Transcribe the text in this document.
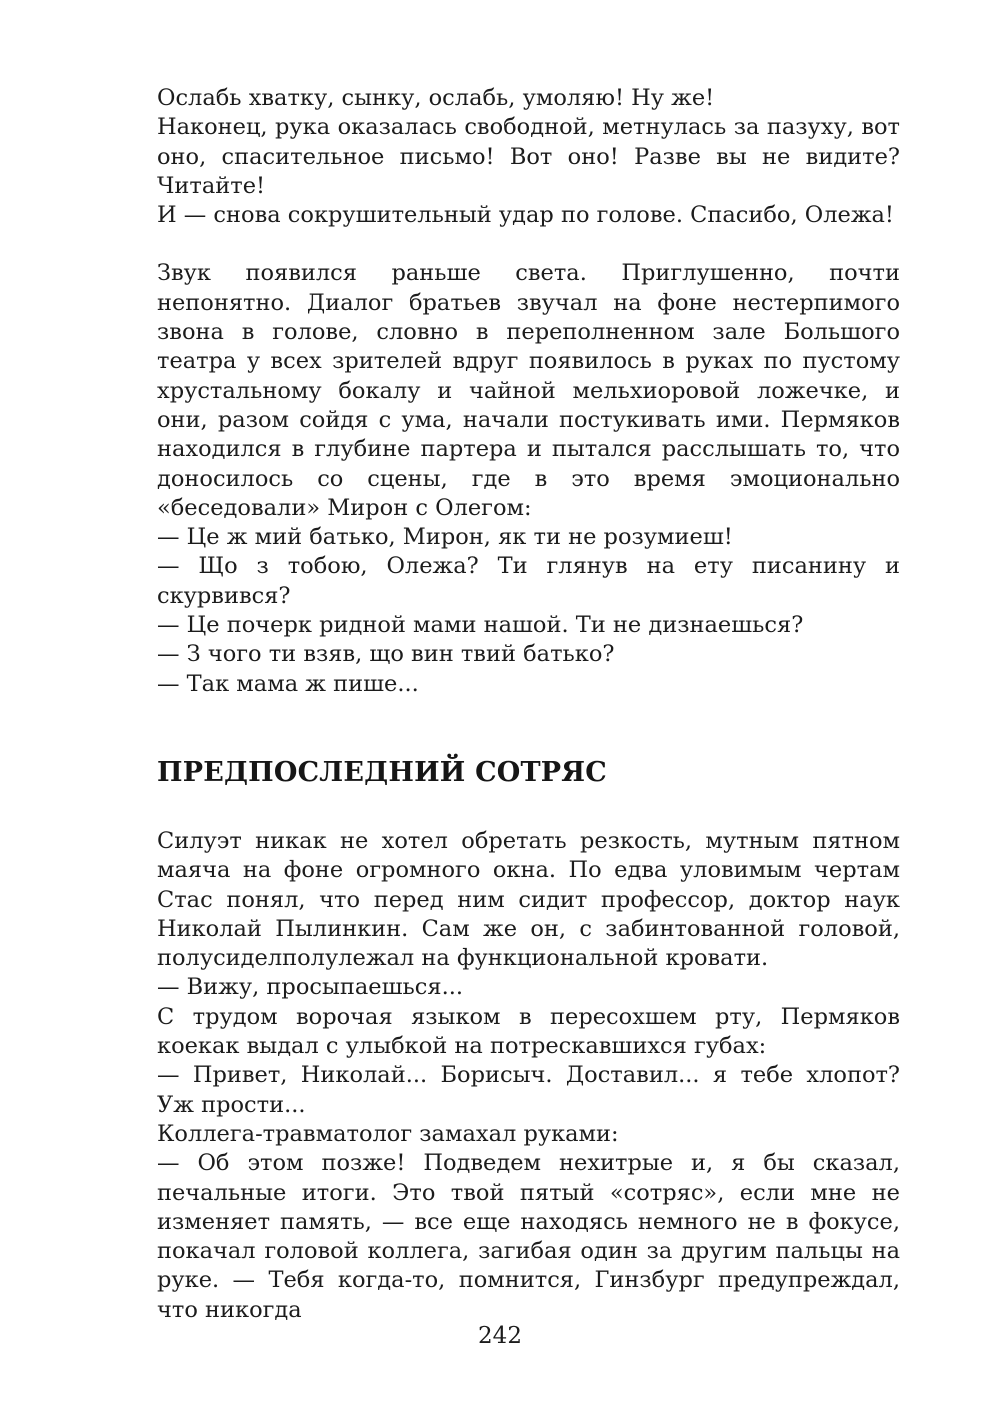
Ослабь хватку, сынку, ослабь, умоляю! Ну же!

Наконец, рука оказалась свободной, метнулась за пазуху, вот оно, спасительное письмо! Вот оно! Разве вы не видите? Читайте!

И — снова сокрушительный удар по голове. Спасибо, Олежа!

Звук появился раньше света. Приглушенно, почти непонятно. Диалог братьев звучал на фоне нестерпимого звона в голове, словно в переполненном зале Большого театра у всех зрителей вдруг появилось в руках по пустому хрустальному бокалу и чайной мельхиоровой ложечке, и они, разом сойдя с ума, начали постукивать ими. Пермяков находился в глубине партера и пытался расслышать то, что доносилось со сцены, где в это время эмоционально «беседовали» Мирон с Олегом:

— Це ж мий батько, Мирон, як ти не розумиеш!

— Що з тобою, Олежа? Ти глянув на ету писанину и скурвився?

— Це почерк ридной мами нашой. Ти не дизнаешься?

— З чого ти взяв, що вин твий батько?

— Так мама ж пише...

ПРЕДПОСЛЕДНИЙ СОТРЯС

Силуэт никак не хотел обретать резкость, мутным пятном маяча на фоне огромного окна. По едва уловимым чертам Стас понял, что перед ним сидит профессор, доктор наук Николай Пылинкин. Сам же он, с забинтованной головой, полусиделполулежал на функциональной кровати.

— Вижу, просыпаешься...

С трудом ворочая языком в пересохшем рту, Пермяков коекак выдал с улыбкой на потрескавшихся губах:

— Привет, Николай... Борисыч. Доставил... я тебе хлопот? Уж прости...

Коллега-травматолог замахал руками:

— Об этом позже! Подведем нехитрые и, я бы сказал, печальные итоги. Это твой пятый «сотряс», если мне не изменяет память, — все еще находясь немного не в фокусе, покачал головой коллега, загибая один за другим пальцы на руке. — Тебя когда-то, помнится, Гинзбург предупреждал, что никогда

242
